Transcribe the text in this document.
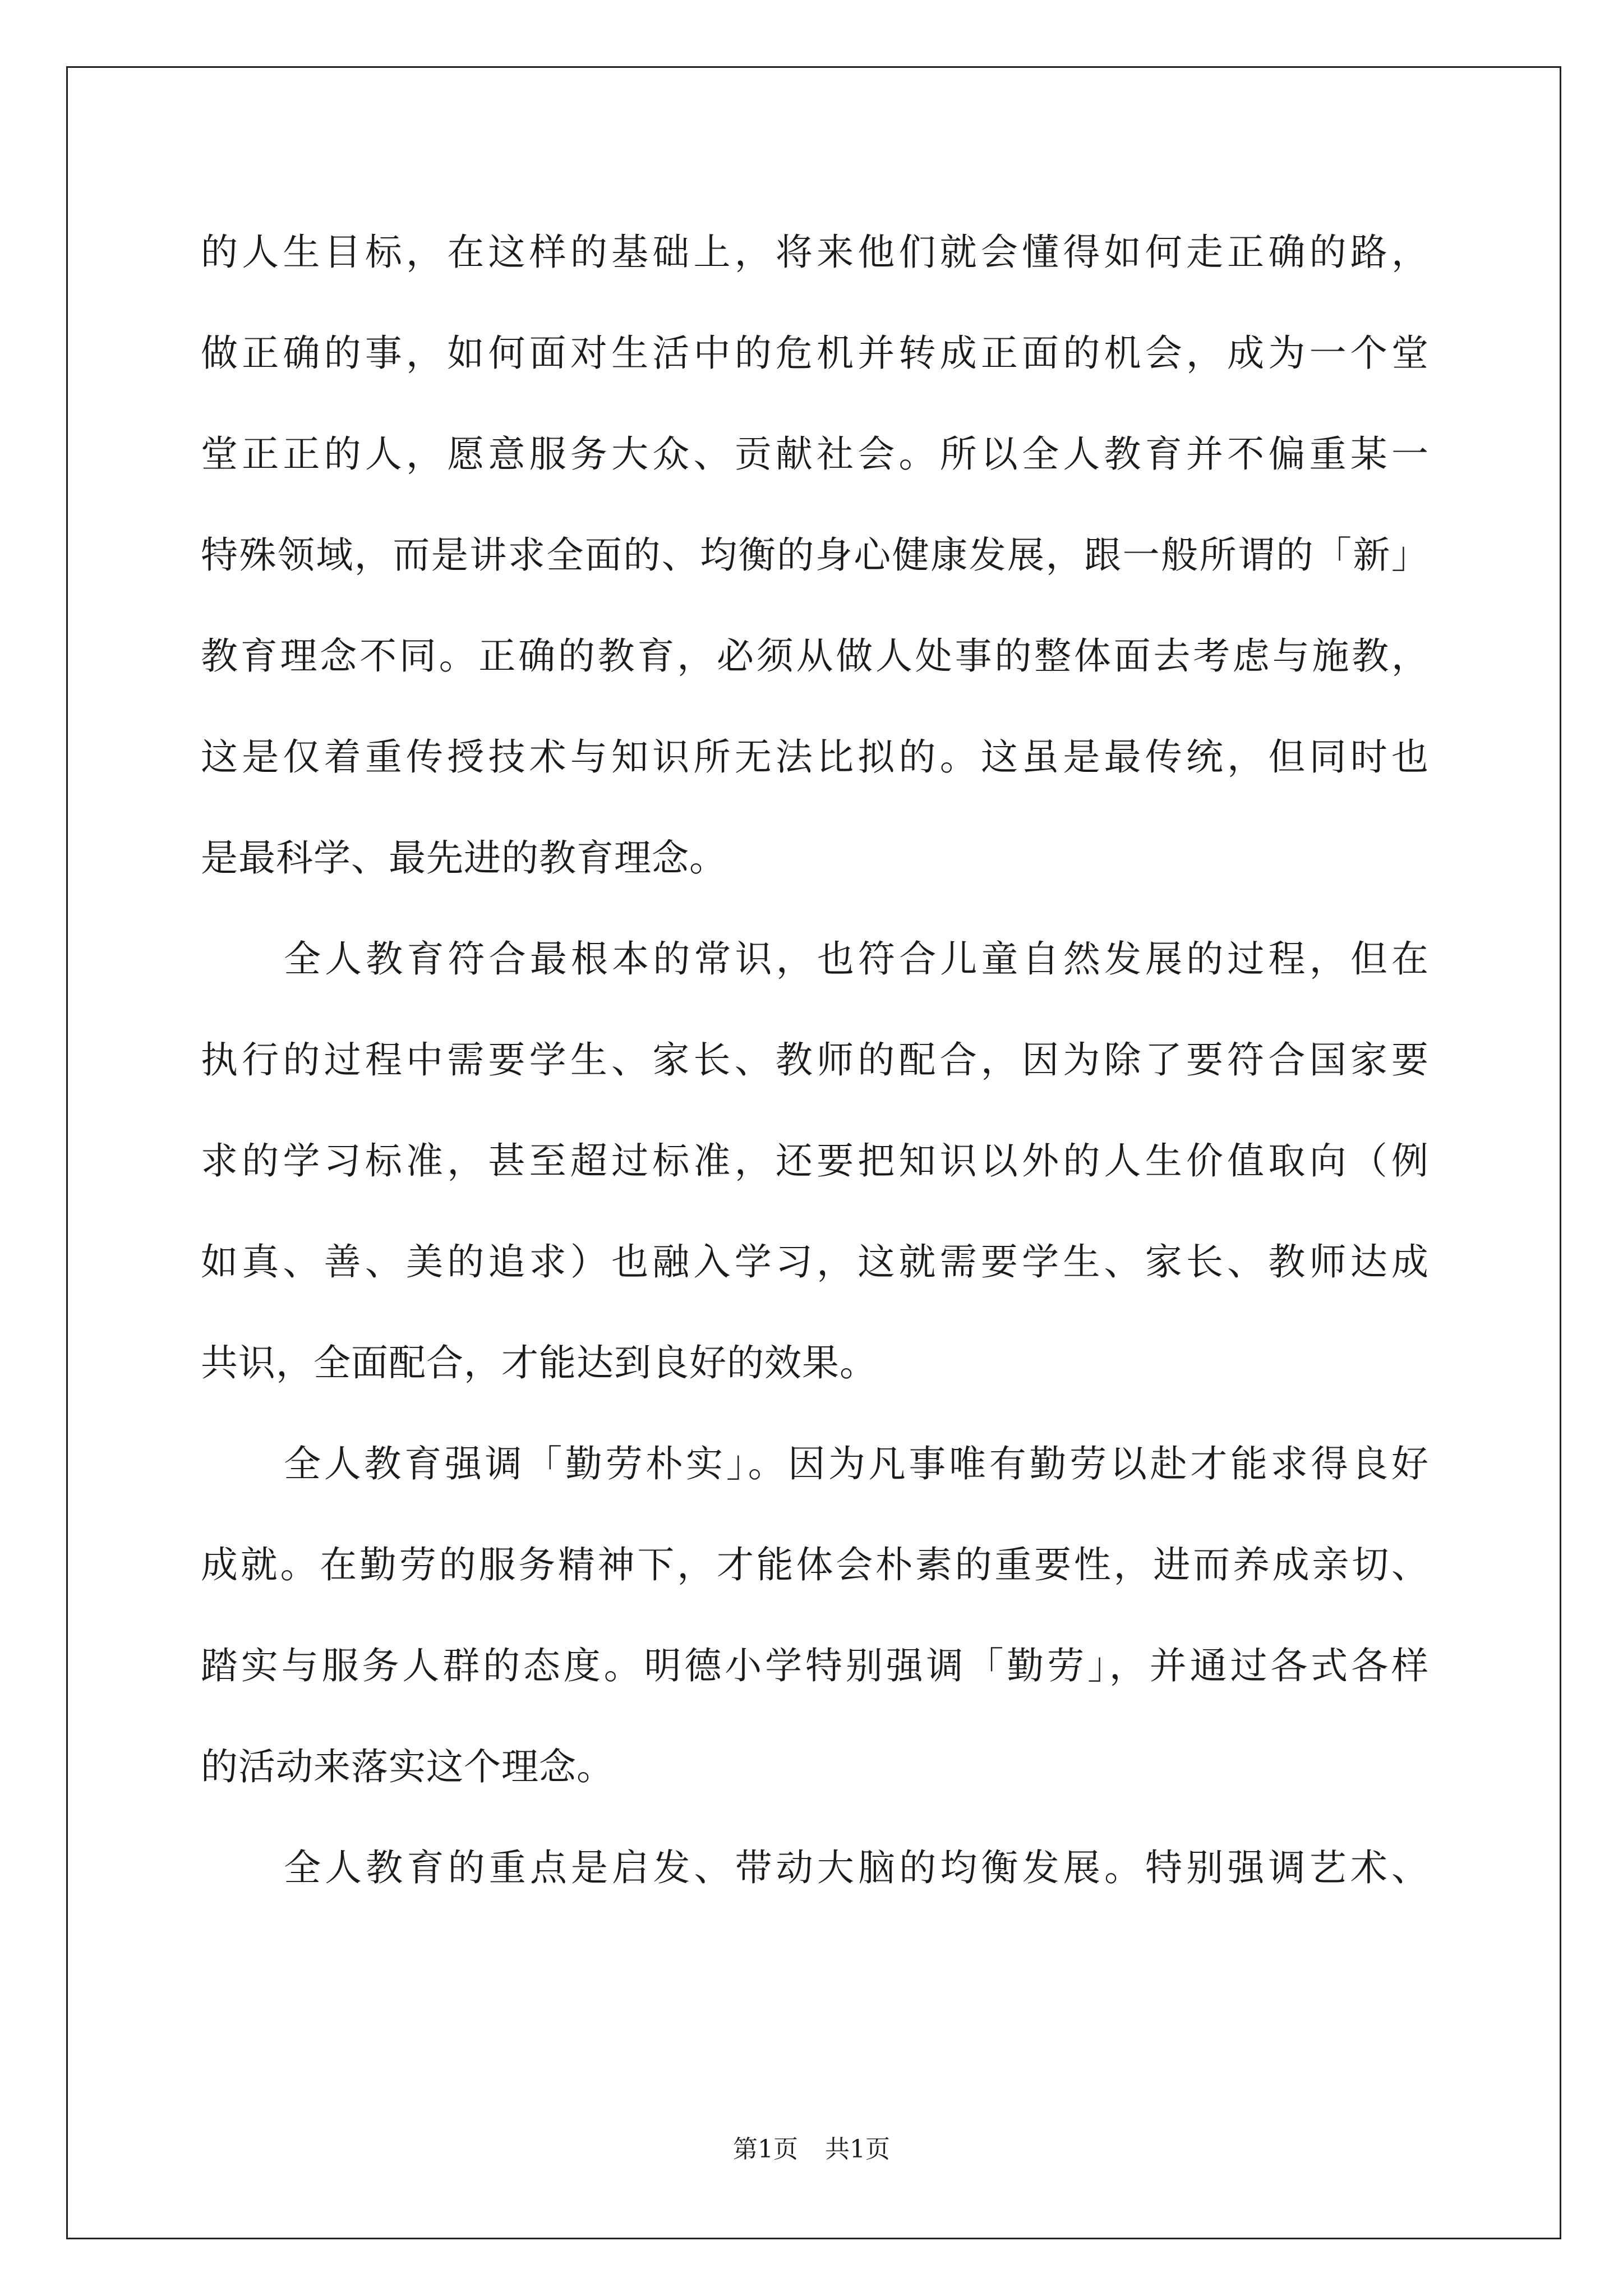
的人生目标，在这样的基础上，将来他们就会懂得如何走正确的路，
做正确的事，如何面对生活中的危机并转成正面的机会，成为一个堂
堂正正的人，愿意服务大众、贡献社会。所以全人教育并不偏重某一
特殊领域，而是讲求全面的、均衡的身心健康发展，跟一般所谓的「新」
教育理念不同。正确的教育，必须从做人处事的整体面去考虑与施教，
这是仅着重传授技术与知识所无法比拟的。这虽是最传统，但同时也
是最科学、最先进的教育理念。
全人教育符合最根本的常识，也符合儿童自然发展的过程，但在
执行的过程中需要学生、家长、教师的配合，因为除了要符合国家要
求的学习标准，甚至超过标准，还要把知识以外的人生价值取向（例
如真、善、美的追求）也融入学习，这就需要学生、家长、教师达成
共识，全面配合，才能达到良好的效果。
全人教育强调「勤劳朴实」。因为凡事唯有勤劳以赴才能求得良好
成就。在勤劳的服务精神下，才能体会朴素的重要性，进而养成亲切、
踏实与服务人群的态度。明德小学特别强调「勤劳」，并通过各式各样
的活动来落实这个理念。
全人教育的重点是启发、带动大脑的均衡发展。特别强调艺术、
第1页 共1页
